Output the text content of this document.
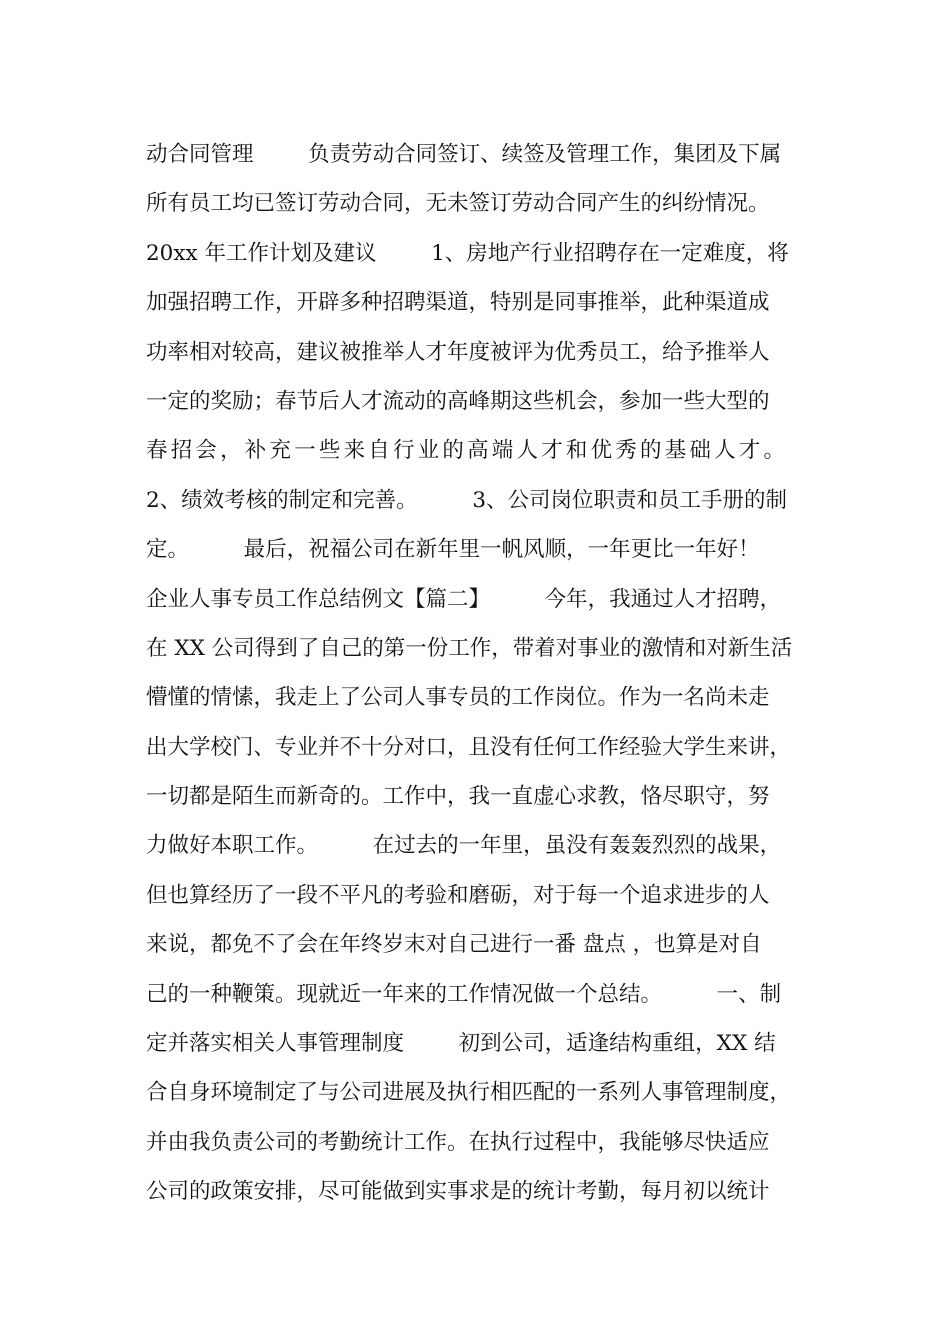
动合同管理        负责劳动合同签订、续签及管理工作，集团及下属
所有员工均已签订劳动合同，无未签订劳动合同产生的纠纷情况。
20xx 年工作计划及建议        1、房地产行业招聘存在一定难度，将
加强招聘工作，开辟多种招聘渠道，特别是同事推举，此种渠道成
功率相对较高，建议被推举人才年度被评为优秀员工，给予推举人
一定的奖励；春节后人才流动的高峰期这些机会，参加一些大型的
春招会，补充一些来自行业的高端人才和优秀的基础人才。
2、绩效考核的制定和完善。        3、公司岗位职责和员工手册的制
定。        最后，祝福公司在新年里一帆风顺，一年更比一年好！
企业人事专员工作总结例文【篇二】        今年，我通过人才招聘，
在 XX 公司得到了自己的第一份工作，带着对事业的激情和对新生活
懵懂的情愫，我走上了公司人事专员的工作岗位。作为一名尚未走
出大学校门、专业并不十分对口，且没有任何工作经验大学生来讲，
一切都是陌生而新奇的。工作中，我一直虚心求教，恪尽职守，努
力做好本职工作。        在过去的一年里，虽没有轰轰烈烈的战果，
但也算经历了一段不平凡的考验和磨砺，对于每一个追求进步的人
来说，都免不了会在年终岁末对自己进行一番 盘点 ，也算是对自
己的一种鞭策。现就近一年来的工作情况做一个总结。        一、制
定并落实相关人事管理制度        初到公司，适逢结构重组，XX 结
合自身环境制定了与公司进展及执行相匹配的一系列人事管理制度，
并由我负责公司的考勤统计工作。在执行过程中，我能够尽快适应
公司的政策安排，尽可能做到实事求是的统计考勤，每月初以统计
